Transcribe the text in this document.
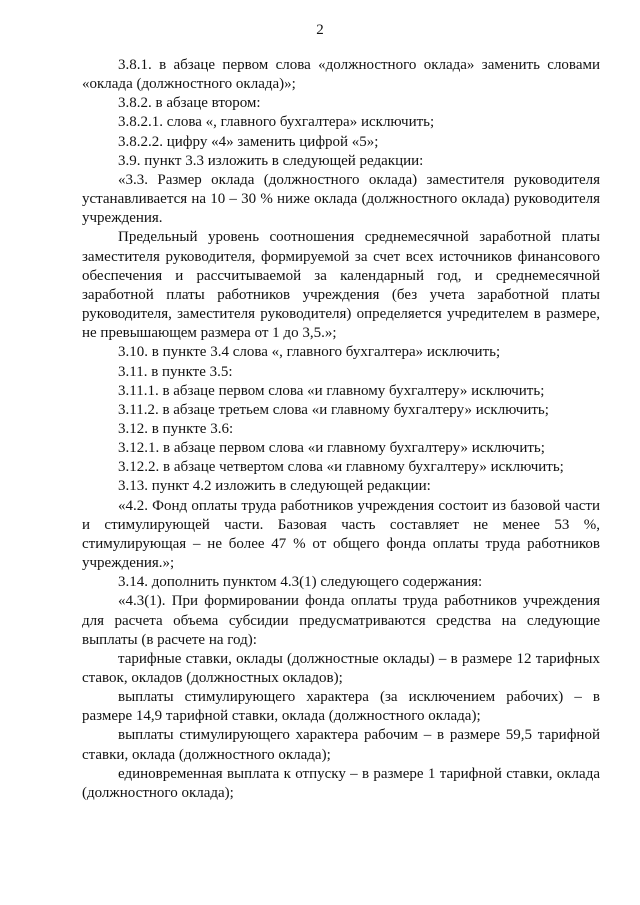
2

3.8.1. в абзаце первом слова «должностного оклада» заменить словами «оклада (должностного оклада)»;

3.8.2. в абзаце втором:

3.8.2.1. слова «, главного бухгалтера» исключить;

3.8.2.2. цифру «4» заменить цифрой «5»;

3.9. пункт 3.3 изложить в следующей редакции:

«3.3. Размер оклада (должностного оклада) заместителя руководителя устанавливается на 10 – 30 % ниже оклада (должностного оклада) руководителя учреждения.

Предельный уровень соотношения среднемесячной заработной платы заместителя руководителя, формируемой за счет всех источников финансового обеспечения и рассчитываемой за календарный год, и среднемесячной заработной платы работников учреждения (без учета заработной платы руководителя, заместителя руководителя) определяется учредителем в размере, не превышающем размера от 1 до 3,5.»;

3.10. в пункте 3.4 слова «, главного бухгалтера» исключить;

3.11. в пункте 3.5:

3.11.1. в абзаце первом слова «и главному бухгалтеру» исключить;

3.11.2. в абзаце третьем слова «и главному бухгалтеру» исключить;

3.12. в пункте 3.6:

3.12.1. в абзаце первом слова «и главному бухгалтеру» исключить;

3.12.2. в абзаце четвертом слова «и главному бухгалтеру» исключить;

3.13. пункт 4.2 изложить в следующей редакции:

«4.2. Фонд оплаты труда работников учреждения состоит из базовой части и стимулирующей части. Базовая часть составляет не менее 53 %, стимулирующая – не более 47 % от общего фонда оплаты труда работников учреждения.»;

3.14. дополнить пунктом 4.3(1) следующего содержания:

«4.3(1). При формировании фонда оплаты труда работников учреждения для расчета объема субсидии предусматриваются средства на следующие выплаты (в расчете на год):

тарифные ставки, оклады (должностные оклады) – в размере 12 тарифных ставок, окладов (должностных окладов);

выплаты стимулирующего характера (за исключением рабочих) – в размере 14,9 тарифной ставки, оклада (должностного оклада);

выплаты стимулирующего характера рабочим – в размере 59,5 тарифной ставки, оклада (должностного оклада);

единовременная выплата к отпуску – в размере 1 тарифной ставки, оклада (должностного оклада);
